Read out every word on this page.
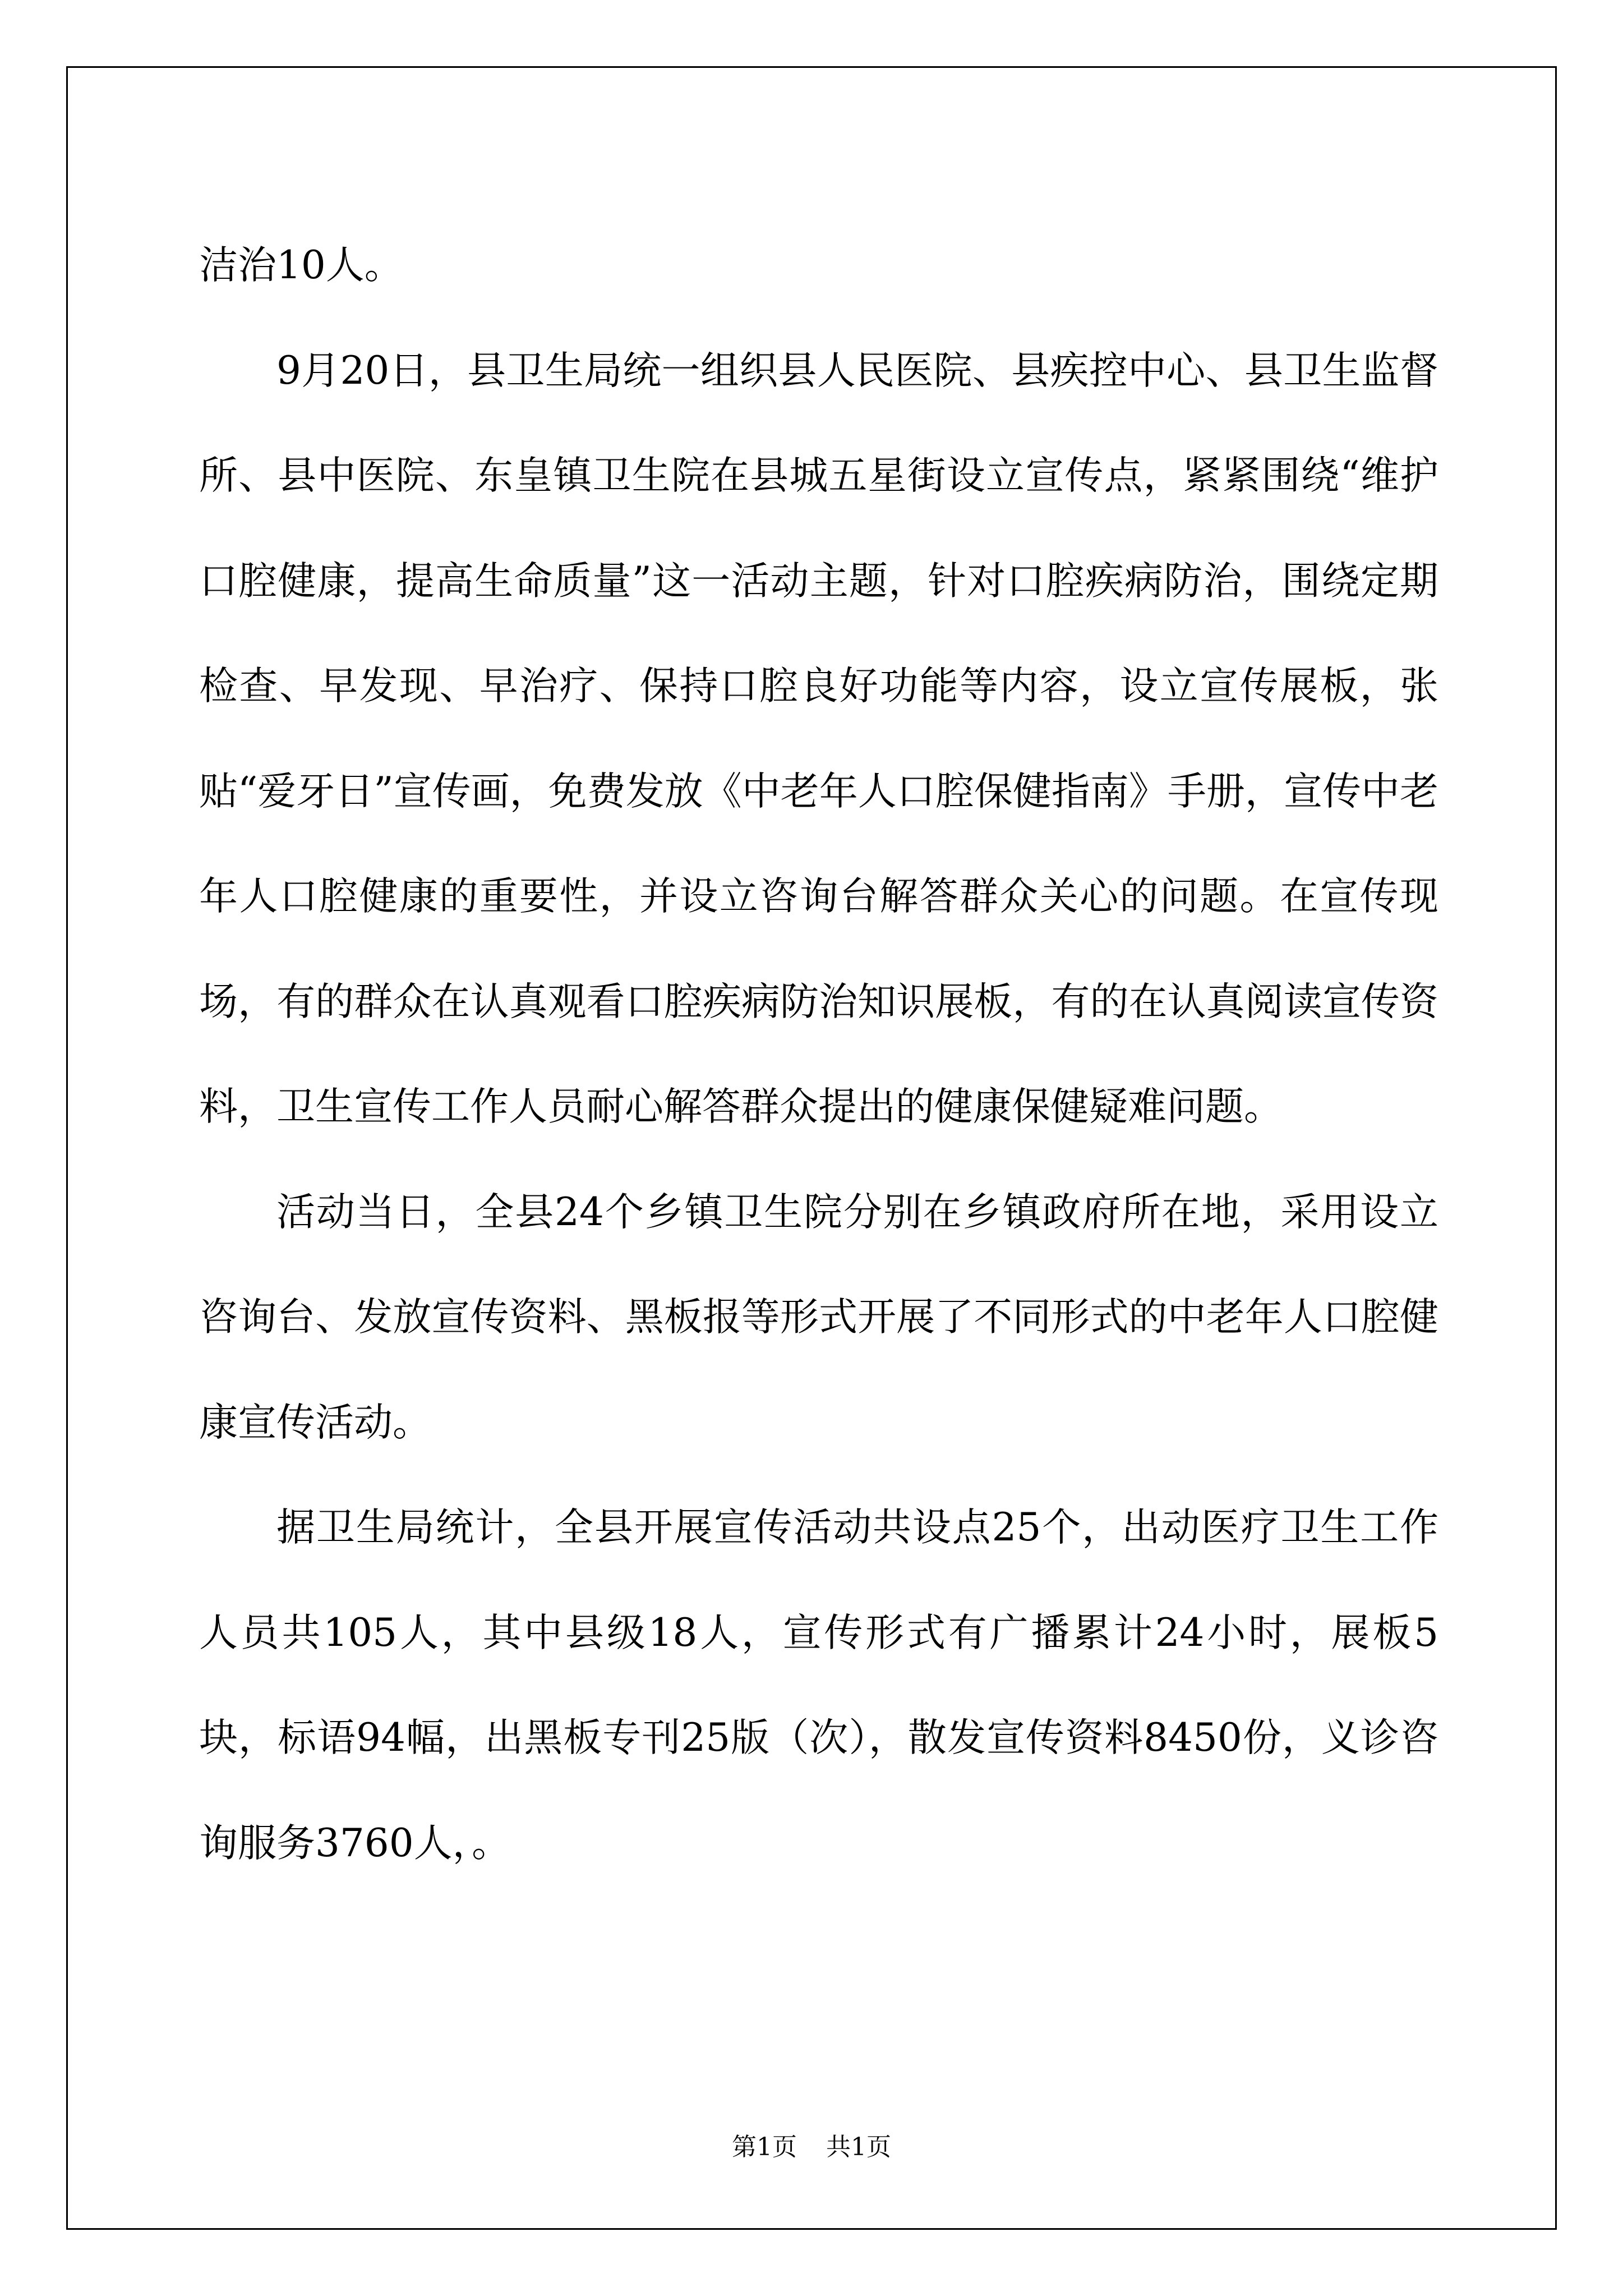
洁治10人。

9月20日，县卫生局统一组织县人民医院、县疾控中心、县卫生监督所、县中医院、东皇镇卫生院在县城五星街设立宣传点，紧紧围绕“维护口腔健康，提高生命质量”这一活动主题，针对口腔疾病防治，围绕定期检查、早发现、早治疗、保持口腔良好功能等内容，设立宣传展板，张贴“爱牙日”宣传画，免费发放《中老年人口腔保健指南》手册，宣传中老年人口腔健康的重要性，并设立咨询台解答群众关心的问题。在宣传现场，有的群众在认真观看口腔疾病防治知识展板，有的在认真阅读宣传资料，卫生宣传工作人员耐心解答群众提出的健康保健疑难问题。

活动当日，全县24个乡镇卫生院分别在乡镇政府所在地，采用设立咨询台、发放宣传资料、黑板报等形式开展了不同形式的中老年人口腔健康宣传活动。

据卫生局统计，全县开展宣传活动共设点25个，出动医疗卫生工作人员共105人，其中县级18人，宣传形式有广播累计24小时，展板5块，标语94幅，出黑板专刊25版（次），散发宣传资料8450份，义诊咨询服务3760人，。

第1页 共1页
